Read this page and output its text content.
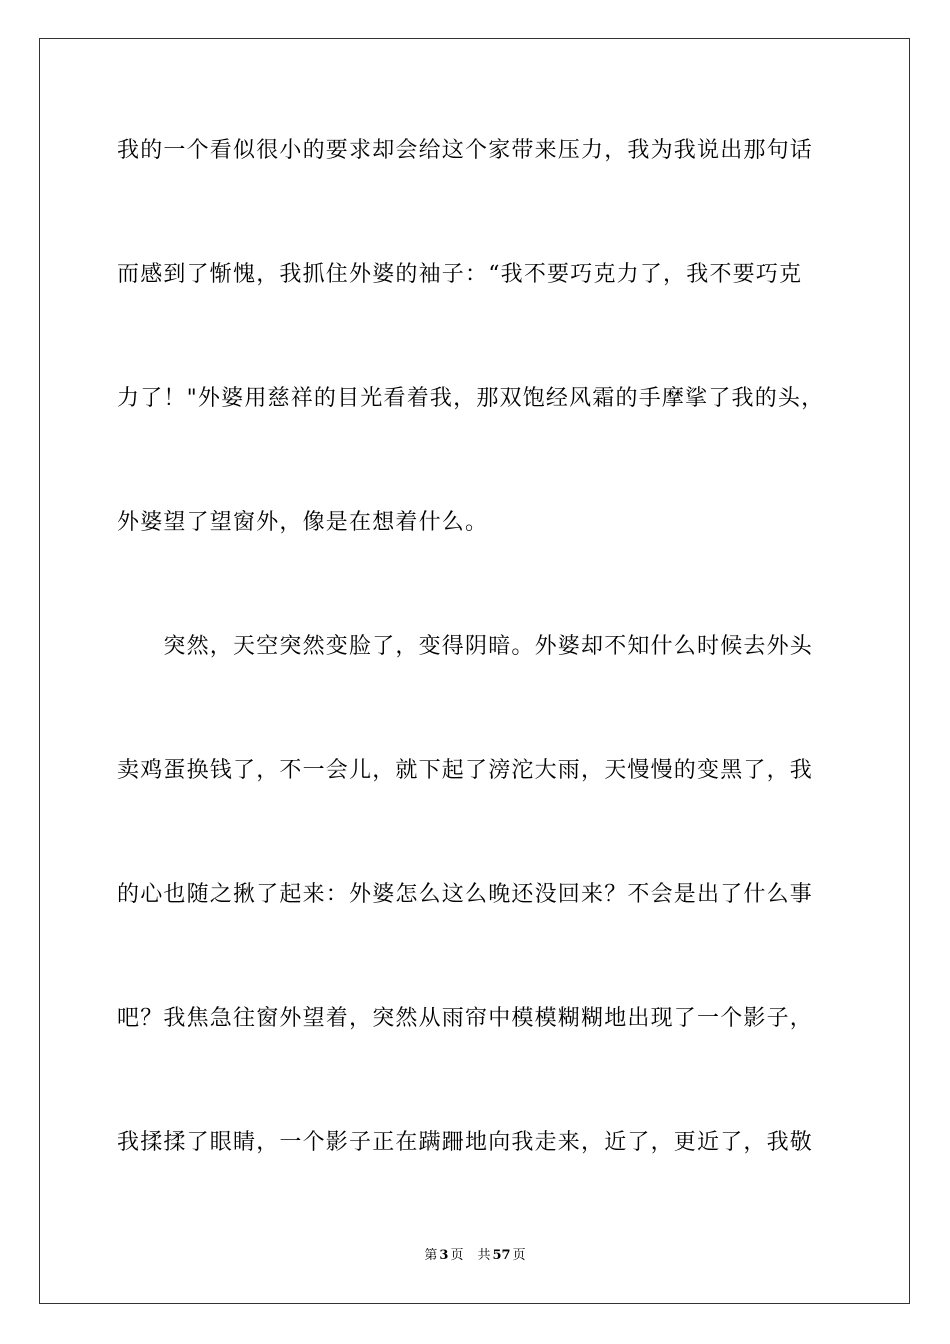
我的一个看似很小的要求却会给这个家带来压力，我为我说出那句话
而感到了惭愧，我抓住外婆的袖子：“我不要巧克力了，我不要巧克
力了！"外婆用慈祥的目光看着我，那双饱经风霜的手摩挲了我的头，
外婆望了望窗外，像是在想着什么。
　　突然，天空突然变脸了，变得阴暗。外婆却不知什么时候去外头
卖鸡蛋换钱了，不一会儿，就下起了滂沱大雨，天慢慢的变黑了，我
的心也随之揪了起来：外婆怎么这么晚还没回来？不会是出了什么事
吧？我焦急往窗外望着，突然从雨帘中模模糊糊地出现了一个影子，
我揉揉了眼睛，一个影子正在蹒跚地向我走来，近了，更近了，我敬
第 3 页 共 57 页
